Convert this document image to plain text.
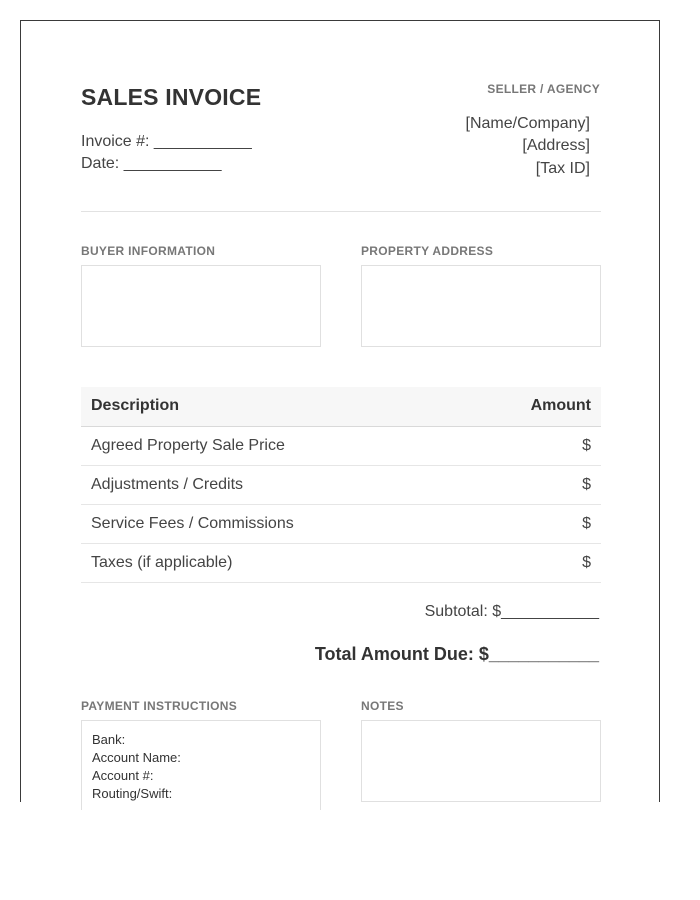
SALES INVOICE
Invoice #: ___________
Date: ___________
SELLER / AGENCY
[Name/Company]
[Address]
[Tax ID]
BUYER INFORMATION	PROPERTY ADDRESS
Description	Amount
Agreed Property Sale Price	$
Adjustments / Credits	$
Service Fees / Commissions	$
Taxes (if applicable)	$
Subtotal: $___________
Total Amount Due: $___________
PAYMENT INSTRUCTIONS
Bank:
Account Name:
Account #:
Routing/Swift:
NOTES
